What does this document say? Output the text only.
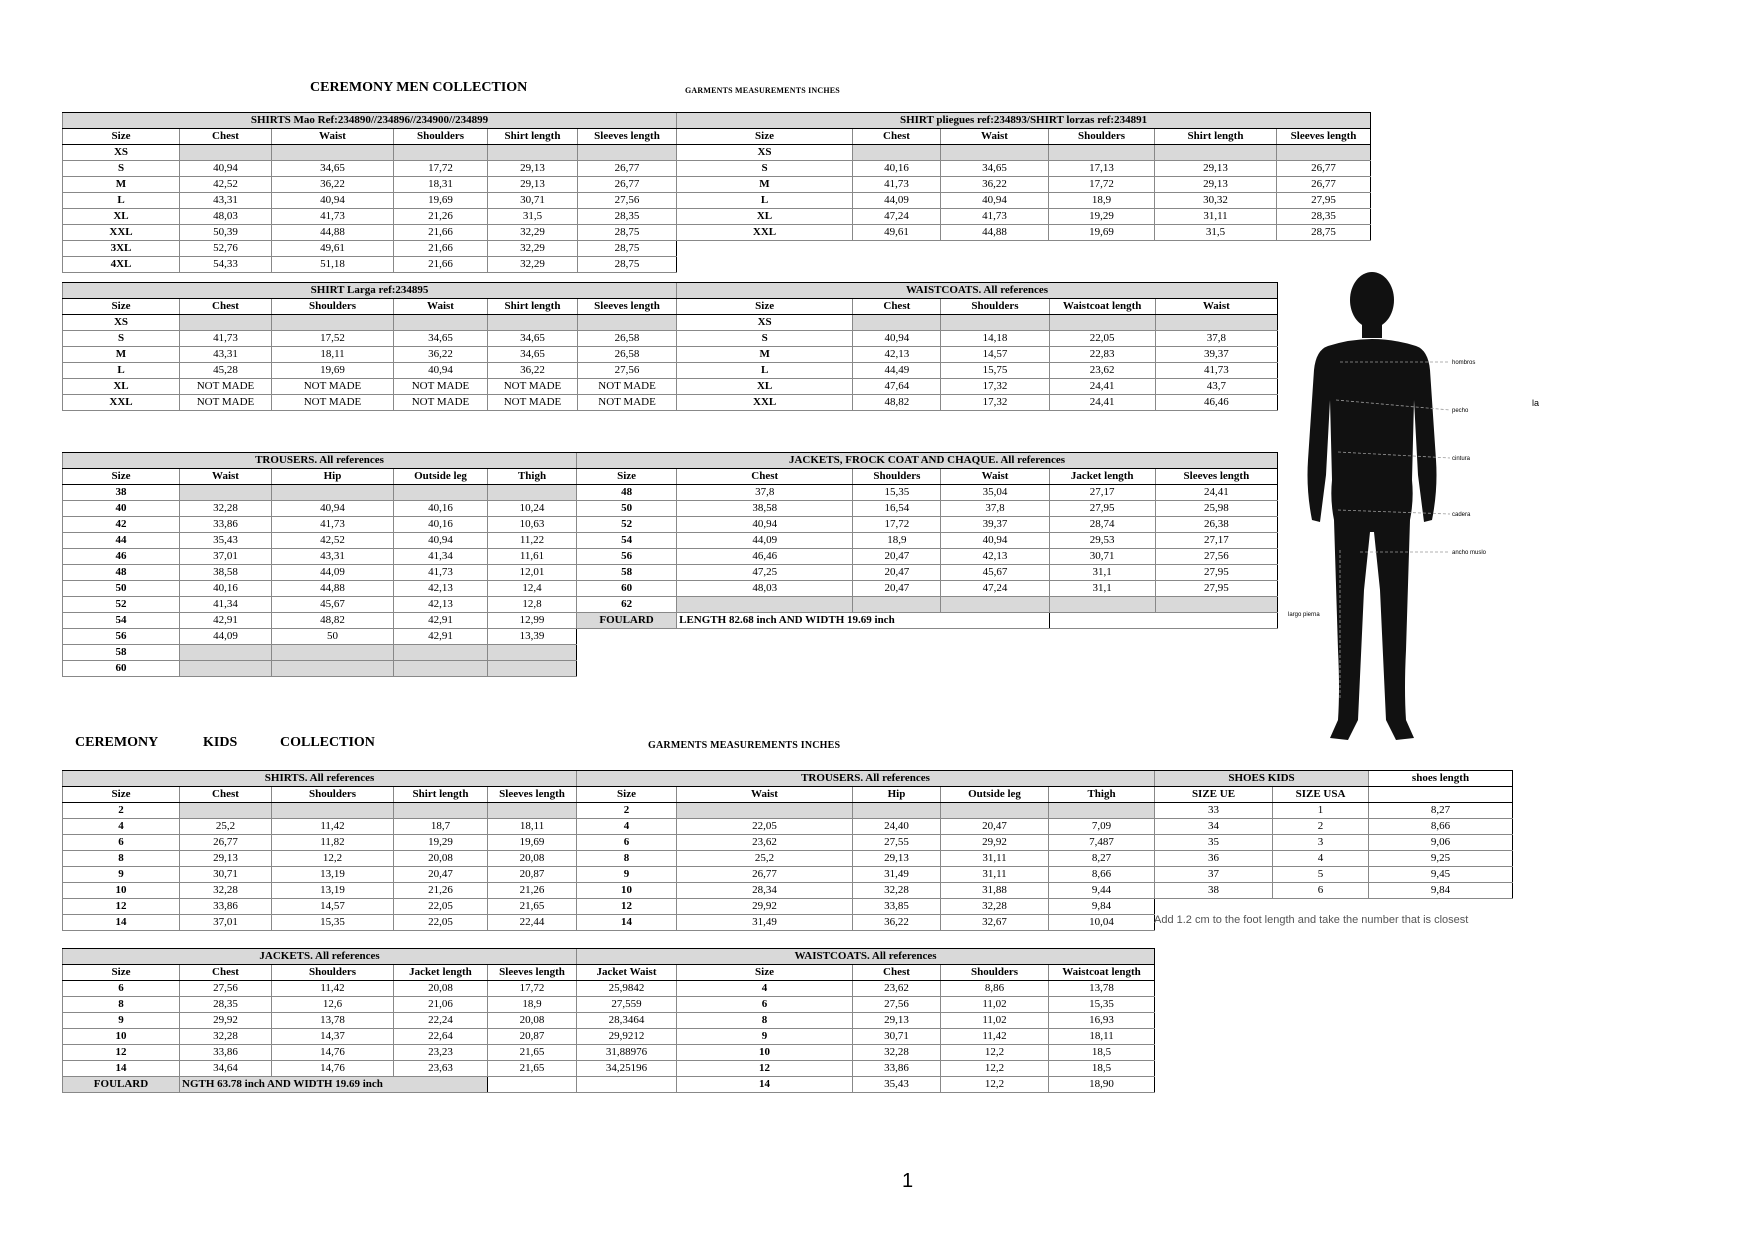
CEREMONY MEN COLLECTION	GARMENTS MEASUREMENTS INCHES
SHIRTS Mao Ref:234890//234896//234900//234899					
Size	Chest	Waist	Shoulders	Shirt length	Sleeves length
XS					
S	40,94	34,65	17,72	29,13	26,77
M	42,52	36,22	18,31	29,13	26,77
L	43,31	40,94	19,69	30,71	27,56
XL	48,03	41,73	21,26	31,5	28,35
XXL	50,39	44,88	21,66	32,29	28,75
3XL	52,76	49,61	21,66	32,29	28,75
4XL	54,33	51,18	21,66	32,29	28,75
SHIRT pliegues ref:234893/SHIRT lorzas ref:234891					
Size	Chest	Waist	Shoulders	Shirt length	Sleeves length
XS					
S	40,16	34,65	17,13	29,13	26,77
M	41,73	36,22	17,72	29,13	26,77
L	44,09	40,94	18,9	30,32	27,95
XL	47,24	41,73	19,29	31,11	28,35
XXL	49,61	44,88	19,69	31,5	28,75
SHIRT Larga ref:234895					
Size	Chest	Shoulders	Waist	Shirt length	Sleeves length
XS					
S	41,73	17,52	34,65	34,65	26,58
M	43,31	18,11	36,22	34,65	26,58
L	45,28	19,69	40,94	36,22	27,56
XL	NOT MADE	NOT MADE	NOT MADE	NOT MADE	NOT MADE
XXL	NOT MADE	NOT MADE	NOT MADE	NOT MADE	NOT MADE
WAISTCOATS. All references				
Size	Chest	Shoulders	Waistcoat length	Waist
XS				
S	40,94	14,18	22,05	37,8
M	42,13	14,57	22,83	39,37
L	44,49	15,75	23,62	41,73
XL	47,64	17,32	24,41	43,7
XXL	48,82	17,32	24,41	46,46
TROUSERS. All references				
Size	Waist	Hip	Outside leg	Thigh
38				
40	32,28	40,94	40,16	10,24
42	33,86	41,73	40,16	10,63
44	35,43	42,52	40,94	11,22
46	37,01	43,31	41,34	11,61
48	38,58	44,09	41,73	12,01
50	40,16	44,88	42,13	12,4
52	41,34	45,67	42,13	12,8
54	42,91	48,82	42,91	12,99
56	44,09	50	42,91	13,39
58				
60				
JACKETS, FROCK COAT AND CHAQUE. All references					
Size	Chest	Shoulders	Waist	Jacket length	Sleeves length
48	37,8	15,35	35,04	27,17	24,41
50	38,58	16,54	37,8	27,95	25,98
52	40,94	17,72	39,37	28,74	26,38
54	44,09	18,9	40,94	29,53	27,17
56	46,46	20,47	42,13	30,71	27,56
58	47,25	20,47	45,67	31,1	27,95
60	48,03	20,47	47,24	31,1	27,95
62					
FOULARD	LENGTH 82.68 inch AND WIDTH 19.69 inch				
hombros
pecho
cintura
cadera
ancho muslo
largo pierna
la
CEREMONY	KIDS	COLLECTION	GARMENTS MEASUREMENTS INCHES
SHIRTS. All references				
Size	Chest	Shoulders	Shirt length	Sleeves length
2				
4	25,2	11,42	18,7	18,11
6	26,77	11,82	19,29	19,69
8	29,13	12,2	20,08	20,08
9	30,71	13,19	20,47	20,87
10	32,28	13,19	21,26	21,26
12	33,86	14,57	22,05	21,65
14	37,01	15,35	22,05	22,44
TROUSERS. All references				
Size	Waist	Hip	Outside leg	Thigh
2				
4	22,05	24,40	20,47	7,09
6	23,62	27,55	29,92	7,487
8	25,2	29,13	31,11	8,27
9	26,77	31,49	31,11	8,66
10	28,34	32,28	31,88	9,44
12	29,92	33,85	32,28	9,84
14	31,49	36,22	32,67	10,04
SHOES KIDS		shoes length
SIZE UE	SIZE USA	
33	1	8,27
34	2	8,66
35	3	9,06
36	4	9,25
37	5	9,45
38	6	9,84
Add 1.2 cm to the foot length and take the number that is closest
JACKETS. All references				
Size	Chest	Shoulders	Jacket length	Sleeves length
6	27,56	11,42	20,08	17,72
8	28,35	12,6	21,06	18,9
9	29,92	13,78	22,24	20,08
10	32,28	14,37	22,64	20,87
12	33,86	14,76	23,23	21,65
14	34,64	14,76	23,63	21,65
FOULARD	NGTH 63.78 inch AND WIDTH 19.69 inch			
WAISTCOATS. All references				
Jacket Waist	Size	Chest	Shoulders	Waistcoat length
25,9842	4	23,62	8,86	13,78
27,559	6	27,56	11,02	15,35
28,3464	8	29,13	11,02	16,93
29,9212	9	30,71	11,42	18,11
31,88976	10	32,28	12,2	18,5
34,25196	12	33,86	12,2	18,5
	14	35,43	12,2	18,90
1
